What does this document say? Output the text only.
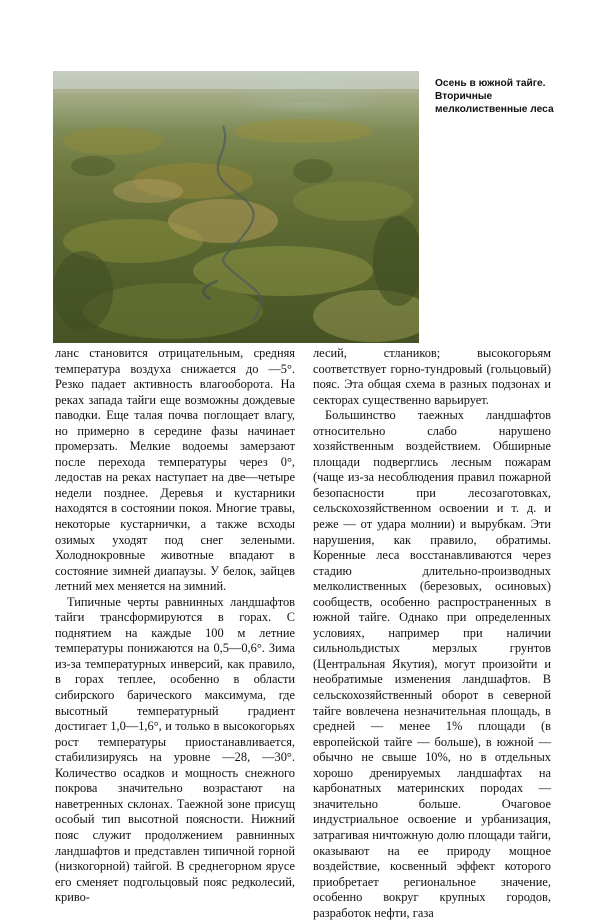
Осень в южной тайге. Вторичные мелколиственные леса

ланс становится отрицательным, средняя температура воздуха снижается до —5°. Резко падает активность влагооборота. На реках запада тайги еще возможны дождевые паводки. Еще талая почва поглощает влагу, но примерно в середине фазы начинает промерзать. Мелкие водоемы замерзают после перехода температуры через 0°, ледостав на реках наступает на две—четыре недели позднее. Деревья и кустарники находятся в состоянии покоя. Многие травы, некоторые кустарнички, а также всходы озимых уходят под снег зелеными. Холоднокровные животные впадают в состояние зимней диапаузы. У белок, зайцев летний мех меняется на зимний.

Типичные черты равнинных ландшафтов тайги трансформируются в горах. С поднятием на каждые 100 м летние температуры понижаются на 0,5—0,6°. Зима из-за температурных инверсий, как правило, в горах теплее, особенно в области сибирского барического максимума, где высотный температурный градиент достигает 1,0—1,6°, и только в высокогорьях рост температуры приостанавливается, стабилизируясь на уровне —28, —30°. Количество осадков и мощность снежного покрова значительно возрастают на наветренных склонах. Таежной зоне присущ особый тип высотной поясности. Нижний пояс служит продолжением равнинных ландшафтов и представлен типичной горной (низкогорной) тайгой. В среднегорном ярусе его сменяет подгольцовый пояс редколесий, криво-

лесий, стлаников; высокогорьям соответствует горно-тундровый (гольцовый) пояс. Эта общая схема в разных подзонах и секторах существенно варьирует.

Большинство таежных ландшафтов относительно слабо нарушено хозяйственным воздействием. Обширные площади подверглись лесным пожарам (чаще из-за несоблюдения правил пожарной безопасности при лесозаготовках, сельскохозяйственном освоении и т. д. и реже — от удара молнии) и вырубкам. Эти нарушения, как правило, обратимы. Коренные леса восстанавливаются через стадию длительно-производных мелколиственных (березовых, осиновых) сообществ, особенно распространенных в южной тайге. Однако при определенных условиях, например при наличии сильнольдистых мерзлых грунтов (Центральная Якутия), могут произойти и необратимые изменения ландшафтов. В сельскохозяйственный оборот в северной тайге вовлечена незначительная площадь, в средней — менее 1% площади (в европейской тайге — больше), в южной — обычно не свыше 10%, но в отдельных хорошо дренируемых ландшафтах на карбонатных материнских породах — значительно больше. Очаговое индустриальное освоение и урбанизация, затрагивая ничтожную долю площади тайги, оказывают на ее природу мощное воздействие, косвенный эффект которого приобретает региональное значение, особенно вокруг крупных городов, разработок нефти, газа
